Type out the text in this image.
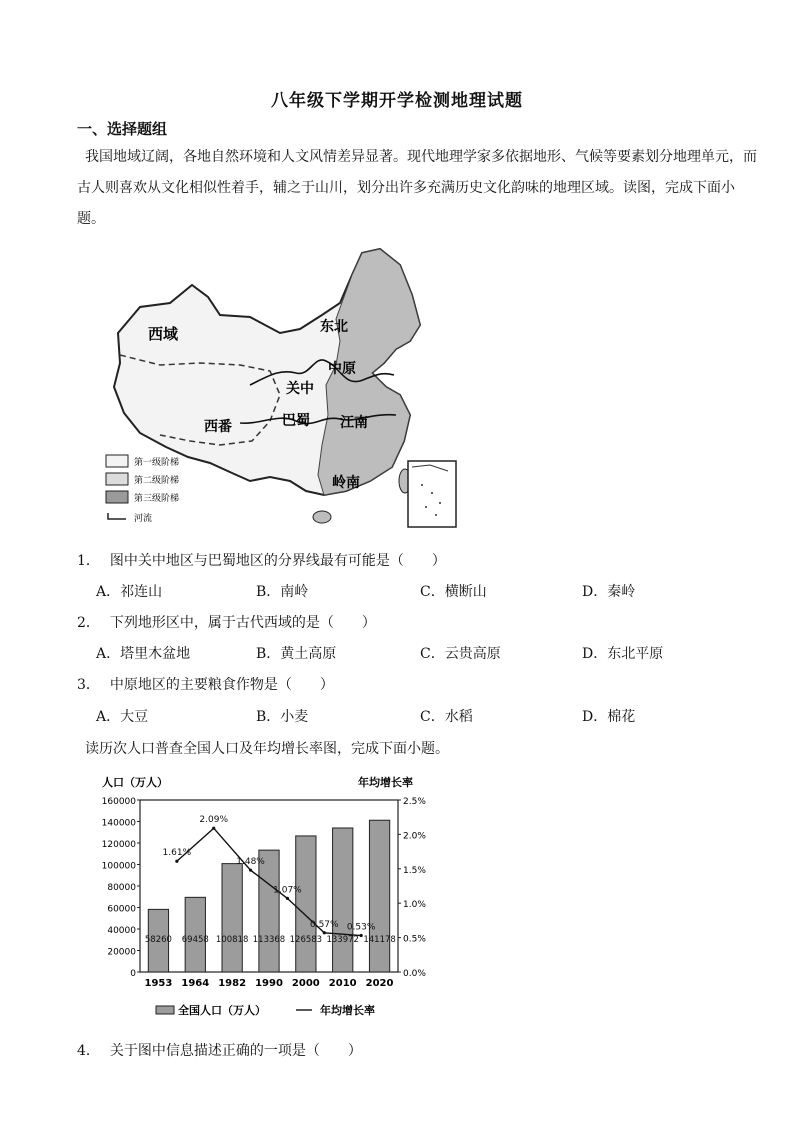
八年级下学期开学检测地理试题
一、选择题组
我国地域辽阔，各地自然环境和人文风情差异显著。现代地理学家多依据地形、气候等要素划分地理单元，而古人则喜欢从文化相似性着手，辅之于山川，划分出许多充满历史文化韵味的地理区域。读图，完成下面小题。
西域	东北
中原
关中
巴蜀
西番	江南
岭南
第一级阶梯
第二级阶梯
第三级阶梯
河流
1． 图中关中地区与巴蜀地区的分界线最有可能是（　　）
A．祁连山	B．南岭	C．横断山	D．秦岭
2． 下列地形区中，属于古代西域的是（　　）
A．塔里木盆地	B．黄土高原	C．云贵高原	D．东北平原
3． 中原地区的主要粮食作物是（　　）
A．大豆	B．小麦	C．水稻	D．棉花
读历次人口普查全国人口及年均增长率图，完成下面小题。
人口（万人）	年均增长率
58260 69458 100818 113368 126583 133972 141178
1.61%
2.09%
1.48%
1.07%
0.57% 0.53%
0
20000
40000
60000
80000
100000
120000
140000
160000
0.0%
0.5%
1.0%
1.5%
2.0%
2.5%
1953 1964 1982 1990 2000 2010 2020
全国人口（万人）	年均增长率
4． 关于图中信息描述正确的一项是（　　）
